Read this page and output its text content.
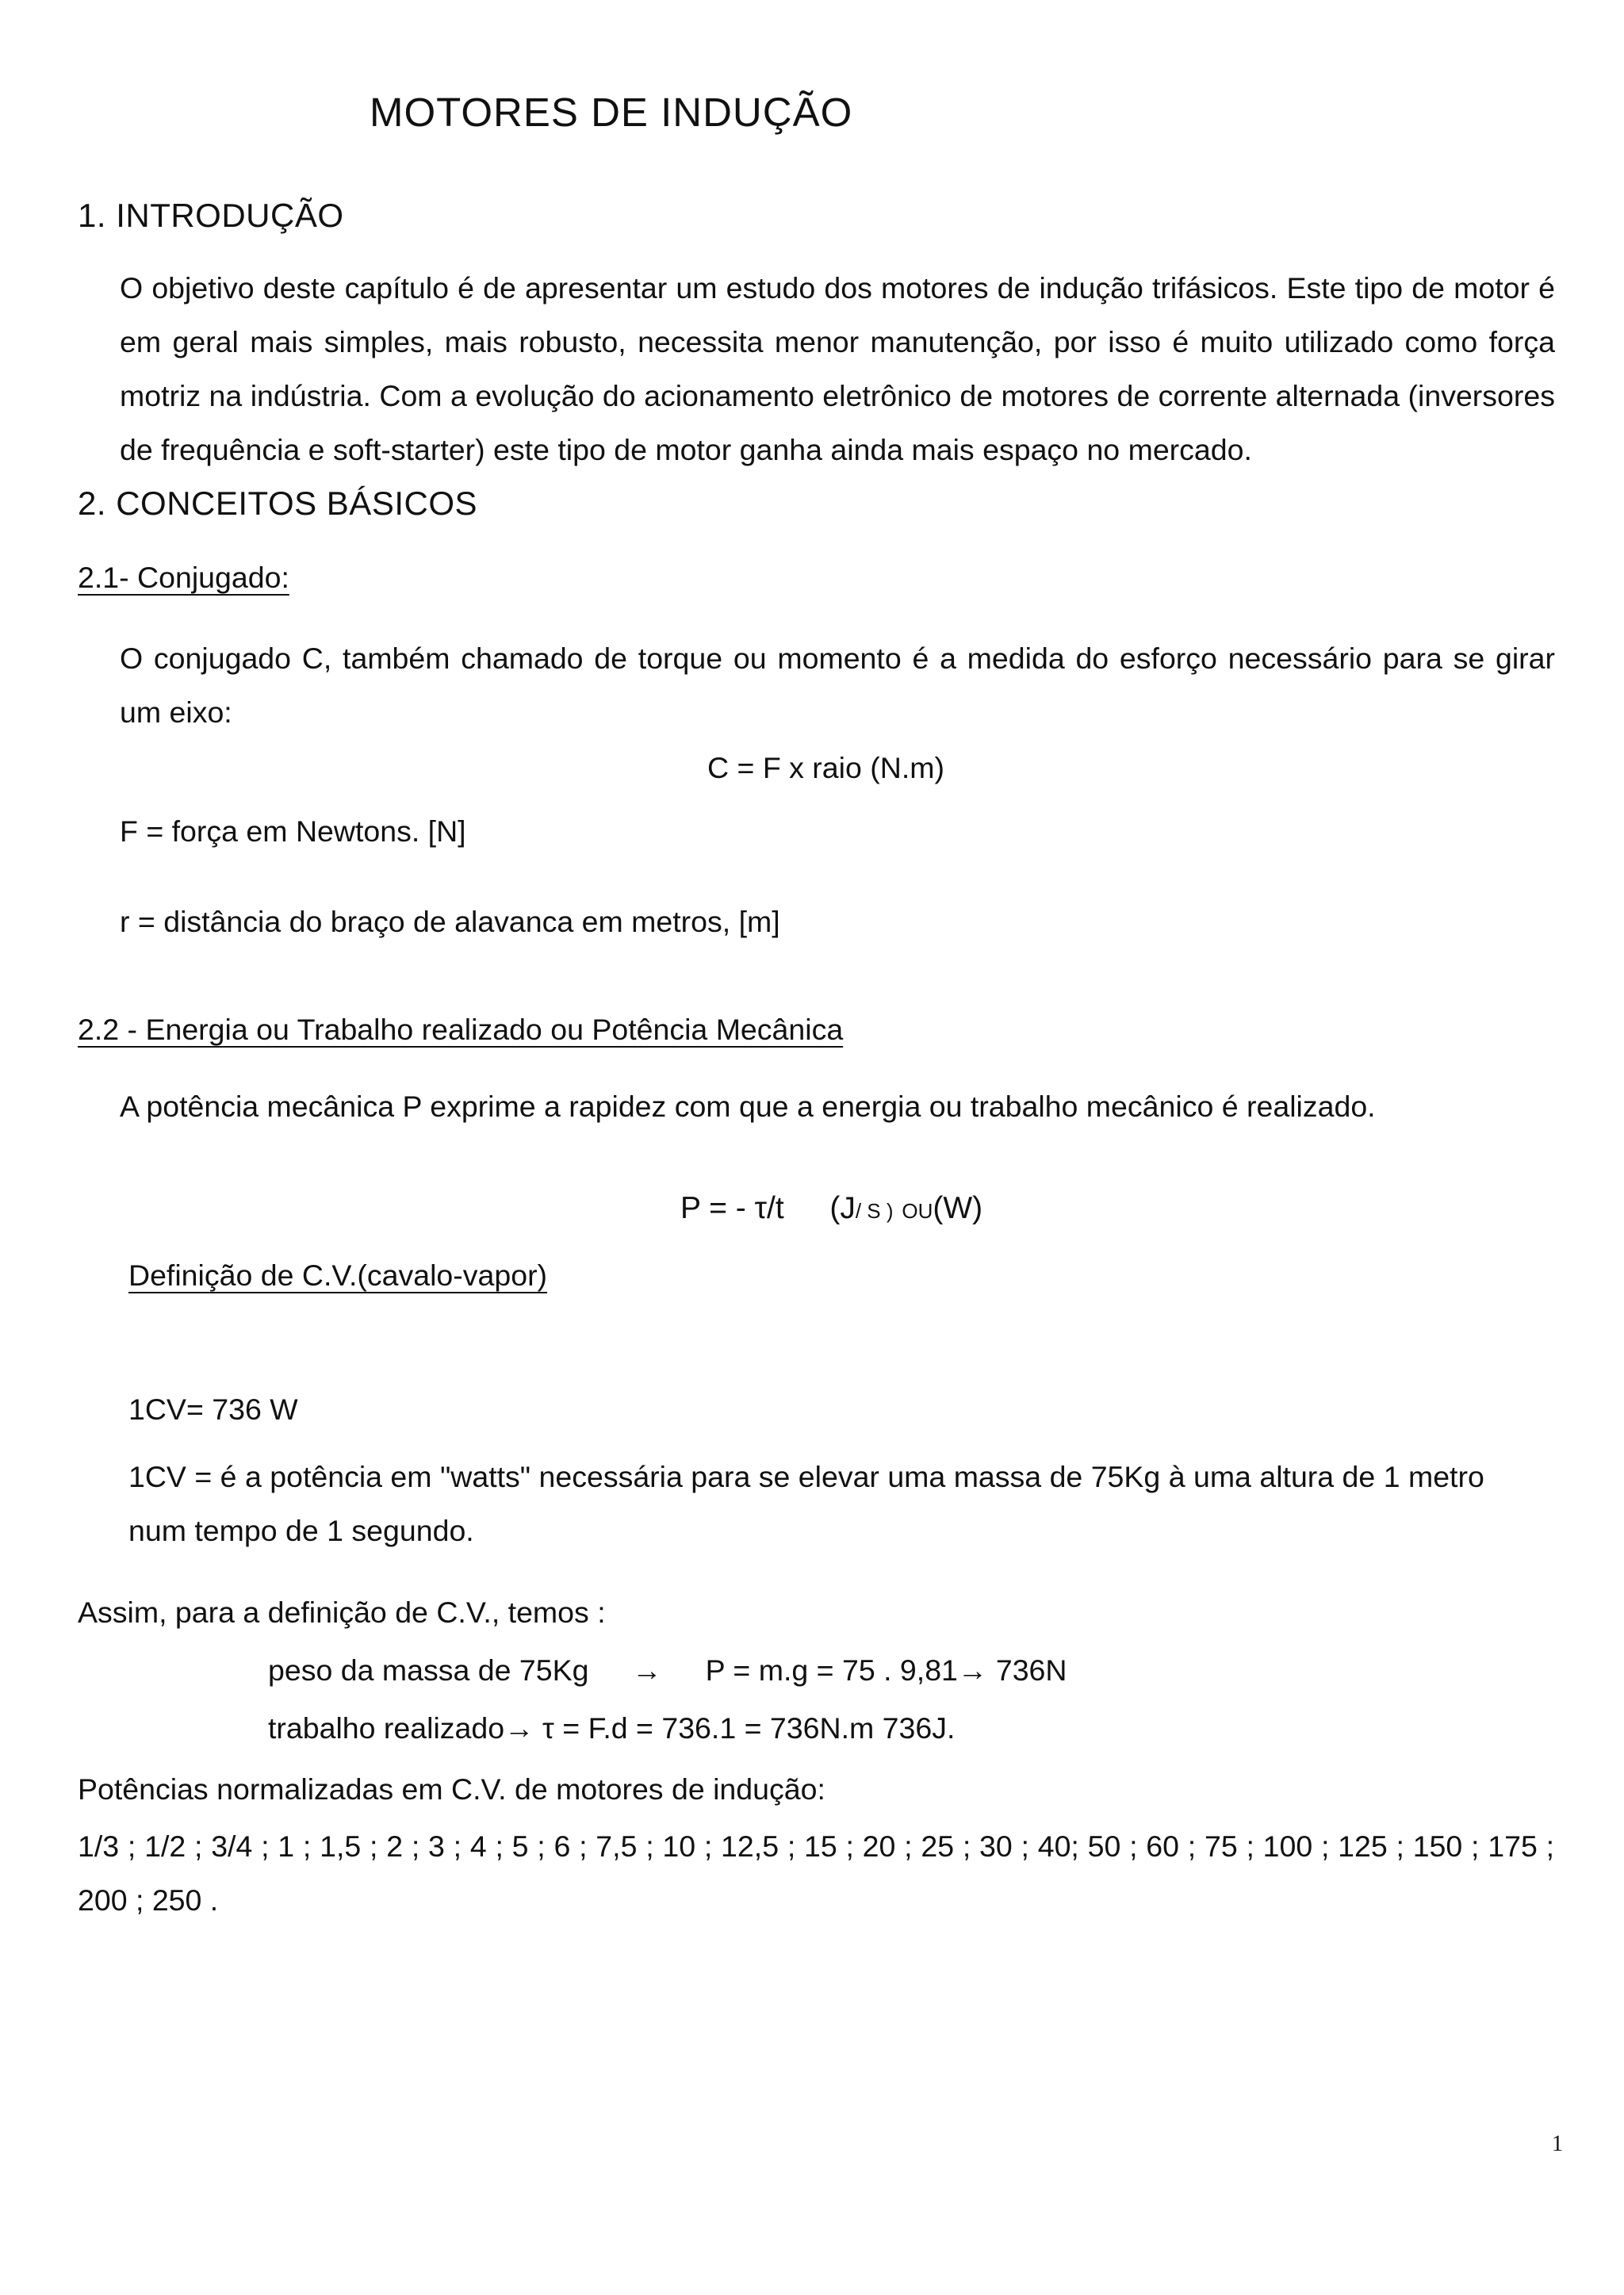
MOTORES DE INDUÇÃO
1. INTRODUÇÃO

O objetivo deste capítulo é de apresentar um estudo dos motores de indução trifásicos. Este tipo de motor é em geral mais simples, mais robusto, necessita menor manutenção, por isso é muito utilizado como força motriz na indústria. Com a evolução do acionamento eletrônico de motores de corrente alternada (inversores de frequência e soft-starter) este tipo de motor ganha ainda mais espaço no mercado.

2. CONCEITOS BÁSICOS
2.1- Conjugado:

O conjugado C, também chamado de torque ou momento é a medida do esforço necessário para se girar um eixo:

C = F x raio (N.m)
F = força em Newtons. [N]
r = distância do braço de alavanca em metros, [m]
2.2 - Energia ou Trabalho realizado ou Potência Mecânica
A potência mecânica P exprime a rapidez com que a energia ou trabalho mecânico é realizado.
P = - τ/t (J/ S ) OU(W)
Definição de C.V.(cavalo-vapor)
1CV= 736 W

1CV = é a potência em "watts" necessária para se elevar uma massa de 75Kg à uma altura de 1 metro num tempo de 1 segundo.

Assim, para a definição de C.V., temos :
peso da massa de 75Kg → P = m.g = 75 . 9,81→ 736N
trabalho realizado→ τ = F.d = 736.1 = 736N.m 736J.
Potências normalizadas em C.V. de motores de indução:

1/3 ; 1/2 ; 3/4 ; 1 ; 1,5 ; 2 ; 3 ; 4 ; 5 ; 6 ; 7,5 ; 10 ; 12,5 ; 15 ; 20 ; 25 ; 30 ; 40; 50 ; 60 ; 75 ; 100 ; 125 ; 150 ; 175 ; 200 ; 250 .

1
